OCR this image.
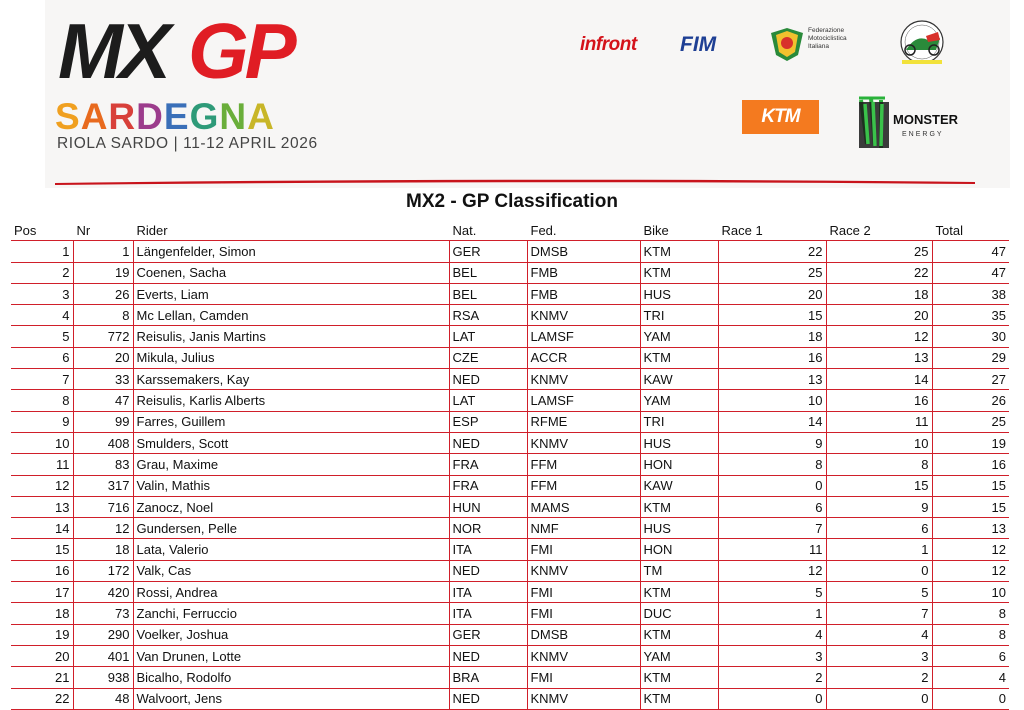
MX GP
SARDEGNA
RIOLA SARDO | 11-12 APRIL 2026
infront FIM
Federazione Motociclistica Italiana
KTM	MONSTER
ENERGY
MX2 - GP Classification
Pos	Nr	Rider	Nat.	Fed.	Bike	Race 1	Race 2	Total
1	1	Längenfelder, Simon	GER	DMSB	KTM	22	25	47
2	19	Coenen, Sacha	BEL	FMB	KTM	25	22	47
3	26	Everts, Liam	BEL	FMB	HUS	20	18	38
4	8	Mc Lellan, Camden	RSA	KNMV	TRI	15	20	35
5	772	Reisulis, Janis Martins	LAT	LAMSF	YAM	18	12	30
6	20	Mikula, Julius	CZE	ACCR	KTM	16	13	29
7	33	Karssemakers, Kay	NED	KNMV	KAW	13	14	27
8	47	Reisulis, Karlis Alberts	LAT	LAMSF	YAM	10	16	26
9	99	Farres, Guillem	ESP	RFME	TRI	14	11	25
10	408	Smulders, Scott	NED	KNMV	HUS	9	10	19
11	83	Grau, Maxime	FRA	FFM	HON	8	8	16
12	317	Valin, Mathis	FRA	FFM	KAW	0	15	15
13	716	Zanocz, Noel	HUN	MAMS	KTM	6	9	15
14	12	Gundersen, Pelle	NOR	NMF	HUS	7	6	13
15	18	Lata, Valerio	ITA	FMI	HON	11	1	12
16	172	Valk, Cas	NED	KNMV	TM	12	0	12
17	420	Rossi, Andrea	ITA	FMI	KTM	5	5	10
18	73	Zanchi, Ferruccio	ITA	FMI	DUC	1	7	8
19	290	Voelker, Joshua	GER	DMSB	KTM	4	4	8
20	401	Van Drunen, Lotte	NED	KNMV	YAM	3	3	6
21	938	Bicalho, Rodolfo	BRA	FMI	KTM	2	2	4
22	48	Walvoort, Jens	NED	KNMV	KTM	0	0	0
